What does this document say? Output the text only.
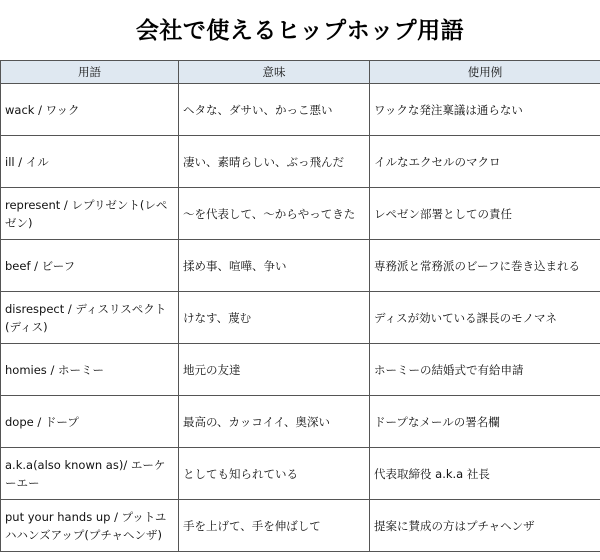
会社で使えるヒップホップ用語
用語	意味	使用例
wack / ワック	ヘタな、ダサい、かっこ悪い	ワックな発注稟議は通らない
ill / イル	凄い、素晴らしい、ぶっ飛んだ	イルなエクセルのマクロ
represent / レプリゼント(レペゼン)	〜を代表して、〜からやってきた	レペゼン部署としての責任
beef / ビーフ	揉め事、喧嘩、争い	専務派と常務派のビーフに巻き込まれる
disrespect / ディスリスペクト(ディス)	けなす、蔑む	ディスが効いている課長のモノマネ
homies / ホーミー	地元の友達	ホーミーの結婚式で有給申請
dope / ドープ	最高の、カッコイイ、奥深い	ドープなメールの署名欄
a.k.a(also known as)/ エーケーエー	としても知られている	代表取締役 a.k.a 社長
put your hands up / プットユハハンズアップ(プチャヘンザ)	手を上げて、手を伸ばして	提案に賛成の方はプチャヘンザ
